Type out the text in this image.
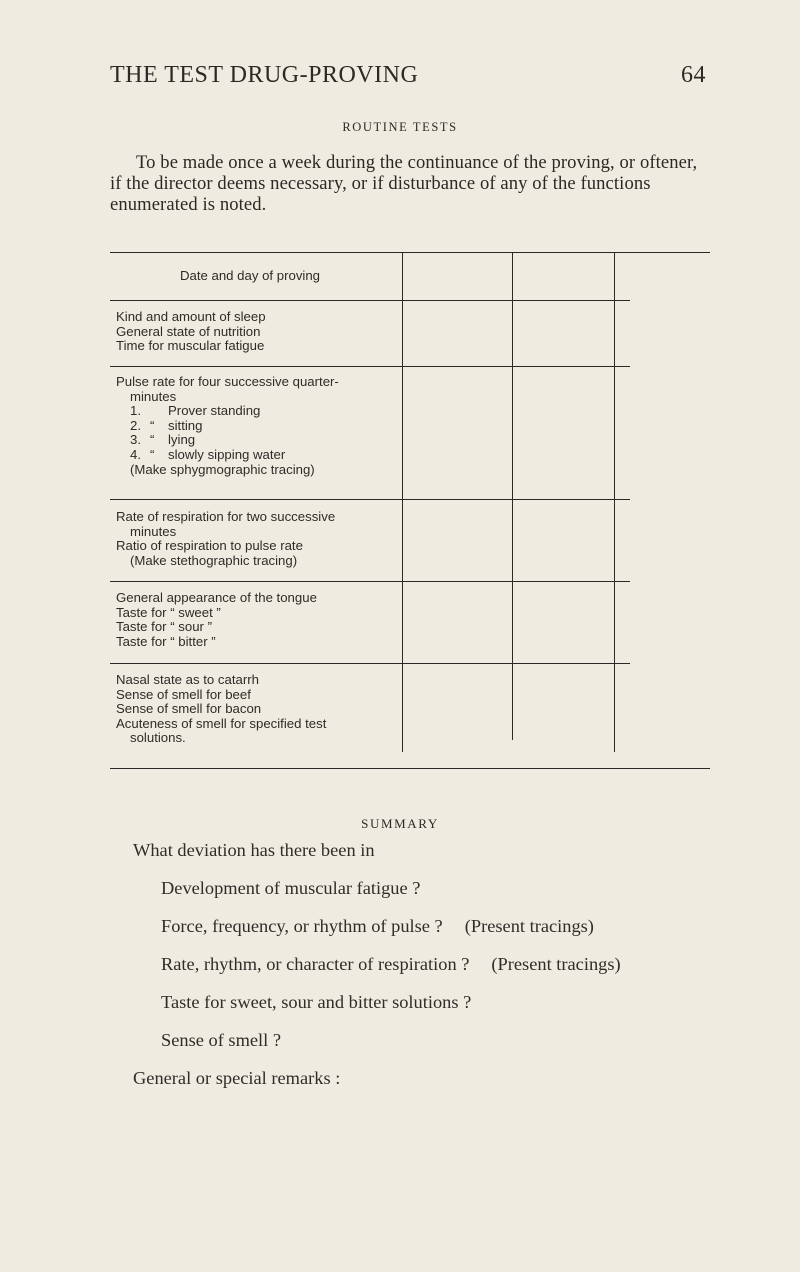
THE TEST DRUG-PROVING	64
ROUTINE TESTS

To be made once a week during the continuance of the proving, or oftener, if the director deems necessary, or if disturbance of any of the functions enumerated is noted.

Date and day of proving
Kind and amount of sleep
General state of nutrition
Time for muscular fatigue
Pulse rate for four successive quarter-
minutes
1. Prover standing
2. “ sitting
3. “ lying
4. “ slowly sipping water
(Make sphygmographic tracing)
Rate of respiration for two successive
minutes
Ratio of respiration to pulse rate
(Make stethographic tracing)
General appearance of the tongue
Taste for “ sweet ”
Taste for “ sour ”
Taste for “ bitter ”
Nasal state as to catarrh
Sense of smell for beef
Sense of smell for bacon
Acuteness of smell for specified test
solutions.
SUMMARY
What deviation has there been in
Development of muscular fatigue ?
Force, frequency, or rhythm of pulse ? (Present tracings)
Rate, rhythm, or character of respiration ? (Present tracings)
Taste for sweet, sour and bitter solutions ?
Sense of smell ?
General or special remarks :
